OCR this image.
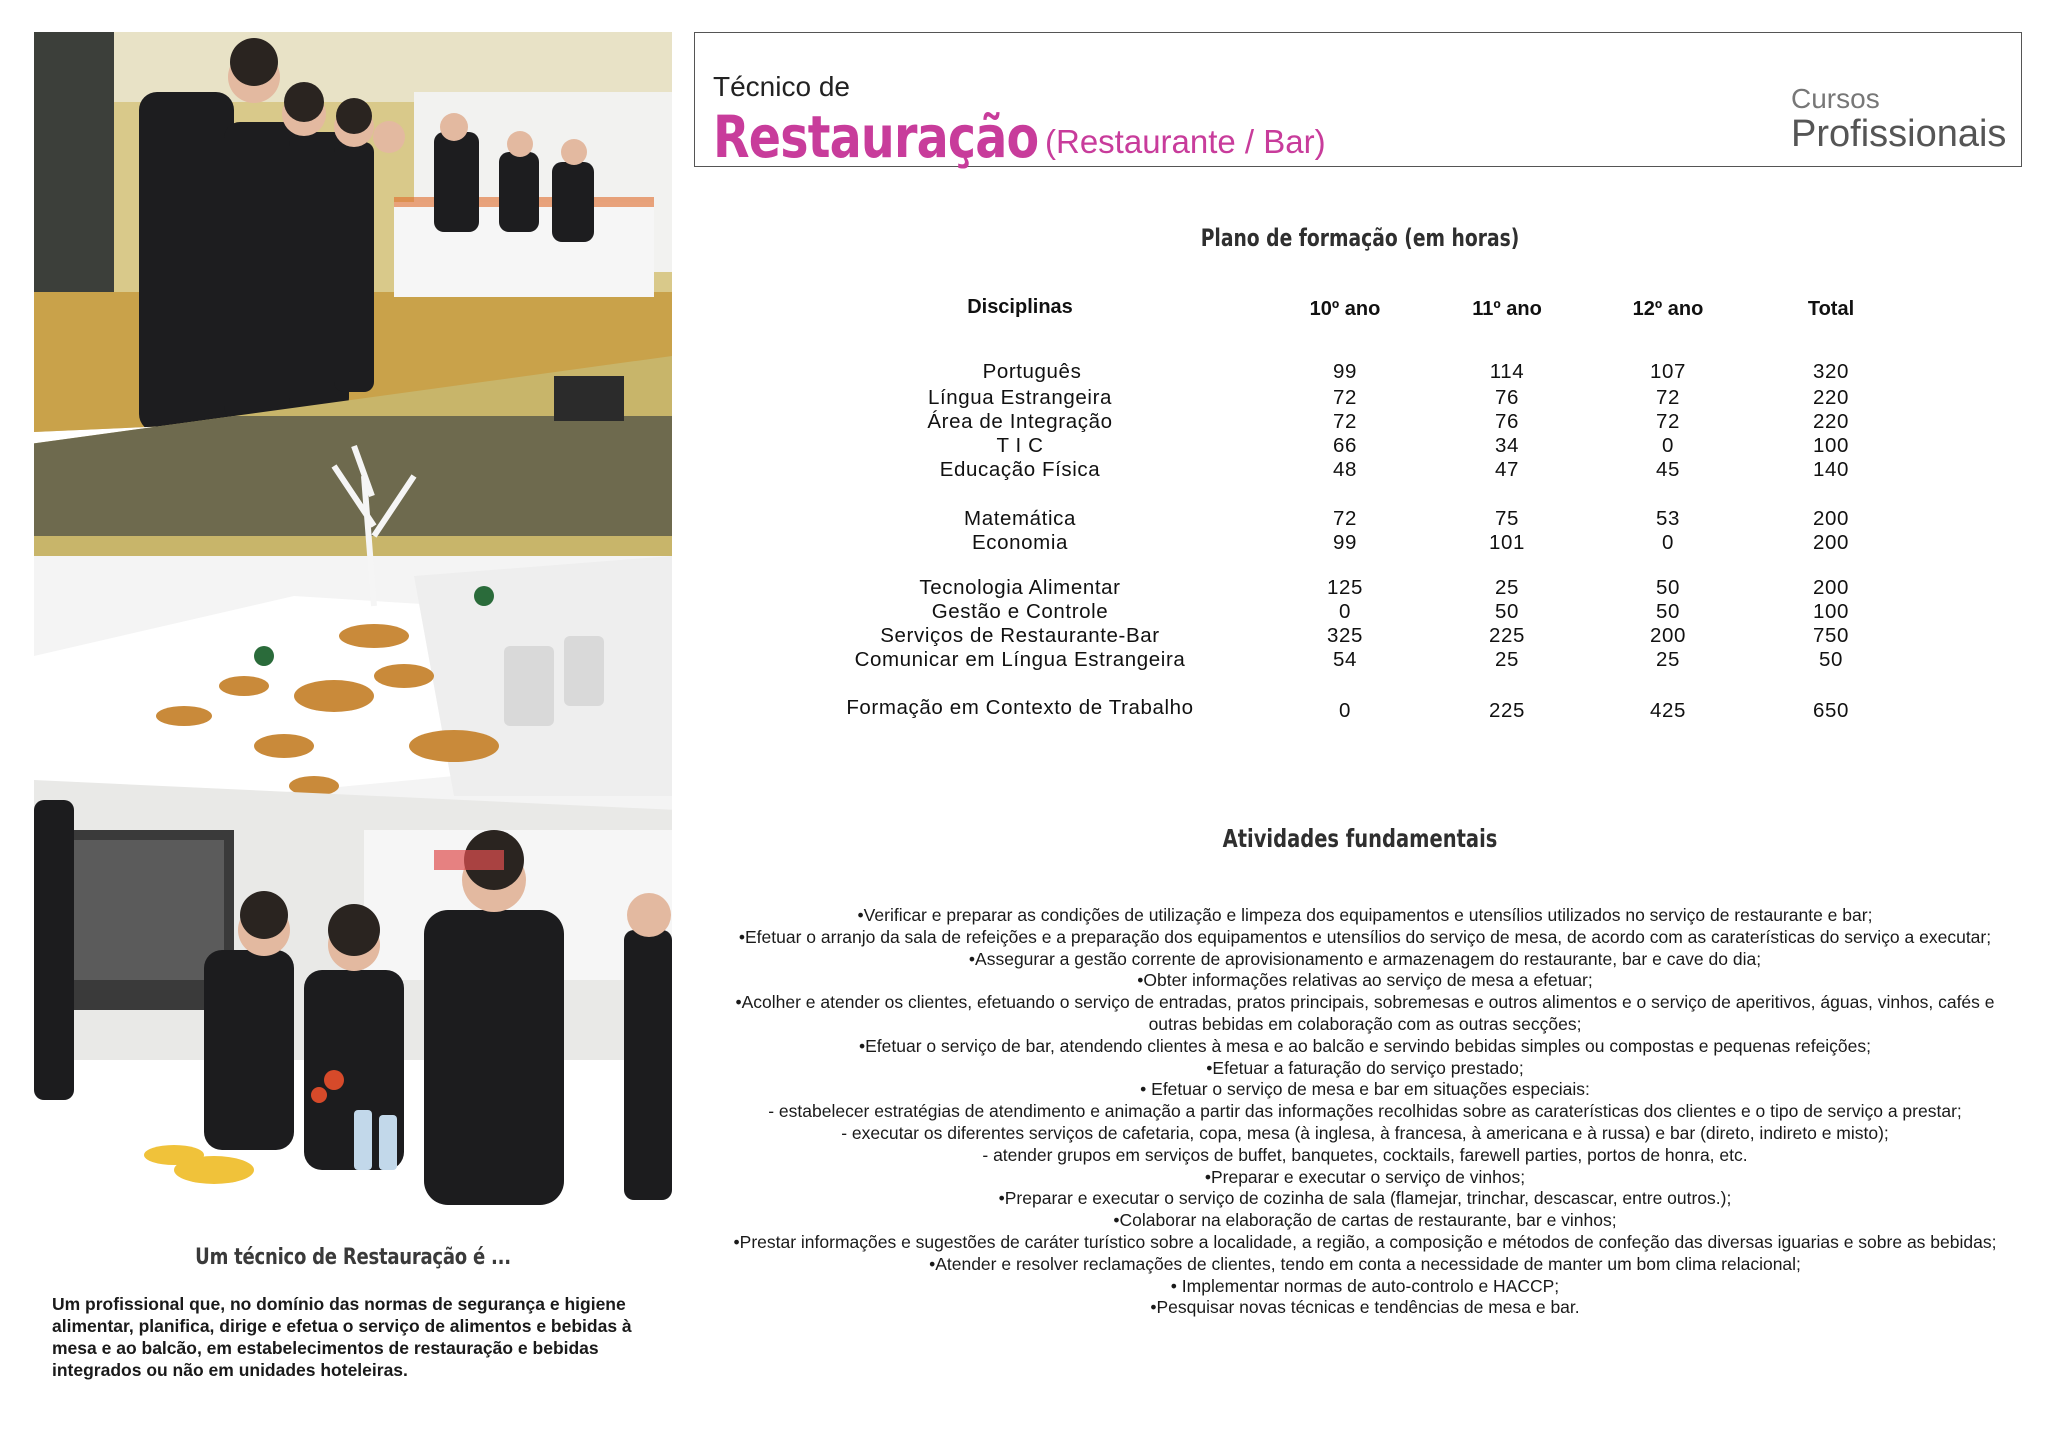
Um técnico de Restauração é ...
Um profissional que, no domínio das normas de segurança e higiene alimentar, planifica, dirige e efetua o serviço de alimentos e bebidas à mesa e ao balcão, em estabelecimentos de restauração e bebidas integrados ou não em unidades hoteleiras.
Técnico de
Restauração (Restaurante / Bar)
Cursos
Profissionais
Plano de formação (em horas)
Disciplinas	10º ano	11º ano	12º ano	Total
Português	99	114	107	320
Língua Estrangeira	72	76	72	220
Área de Integração	72	76	72	220
T I C	66	34	0	100
Educação Física	48	47	45	140
Matemática	72	75	53	200
Economia	99	101	0	200
Tecnologia Alimentar	125	25	50	200
Gestão e Controle	0	50	50	100
Serviços de Restaurante-Bar	325	225	200	750
Comunicar em Língua Estrangeira	54	25	25	50
Formação em Contexto de Trabalho	0	225	425	650
Atividades fundamentais
•Verificar e preparar as condições de utilização e limpeza dos equipamentos e utensílios utilizados no serviço de restaurante e bar;
•Efetuar o arranjo da sala de refeições e a preparação dos equipamentos e utensílios do serviço de mesa, de acordo com as caraterísticas do serviço a executar;
•Assegurar a gestão corrente de aprovisionamento e armazenagem do restaurante, bar e cave do dia;
•Obter informações relativas ao serviço de mesa a efetuar;
•Acolher e atender os clientes, efetuando o serviço de entradas, pratos principais, sobremesas e outros alimentos e o serviço de aperitivos, águas, vinhos, cafés e outras bebidas em colaboração com as outras secções;
•Efetuar o serviço de bar, atendendo clientes à mesa e ao balcão e servindo bebidas simples ou compostas e pequenas refeições;
•Efetuar a faturação do serviço prestado;
• Efetuar o serviço de mesa e bar em situações especiais:
- estabelecer estratégias de atendimento e animação a partir das informações recolhidas sobre as caraterísticas dos clientes e o tipo de serviço a prestar;
- executar os diferentes serviços de cafetaria, copa, mesa (à inglesa, à francesa, à americana e à russa) e bar (direto, indireto e misto);
- atender grupos em serviços de buffet, banquetes, cocktails, farewell parties, portos de honra, etc.
•Preparar e executar o serviço de vinhos;
•Preparar e executar o serviço de cozinha de sala (flamejar, trinchar, descascar, entre outros.);
•Colaborar na elaboração de cartas de restaurante, bar e vinhos;
•Prestar informações e sugestões de caráter turístico sobre a localidade, a região, a composição e métodos de confeção das diversas iguarias e sobre as bebidas;
•Atender e resolver reclamações de clientes, tendo em conta a necessidade de manter um bom clima relacional;
• Implementar normas de auto-controlo e HACCP;
•Pesquisar novas técnicas e tendências de mesa e bar.
